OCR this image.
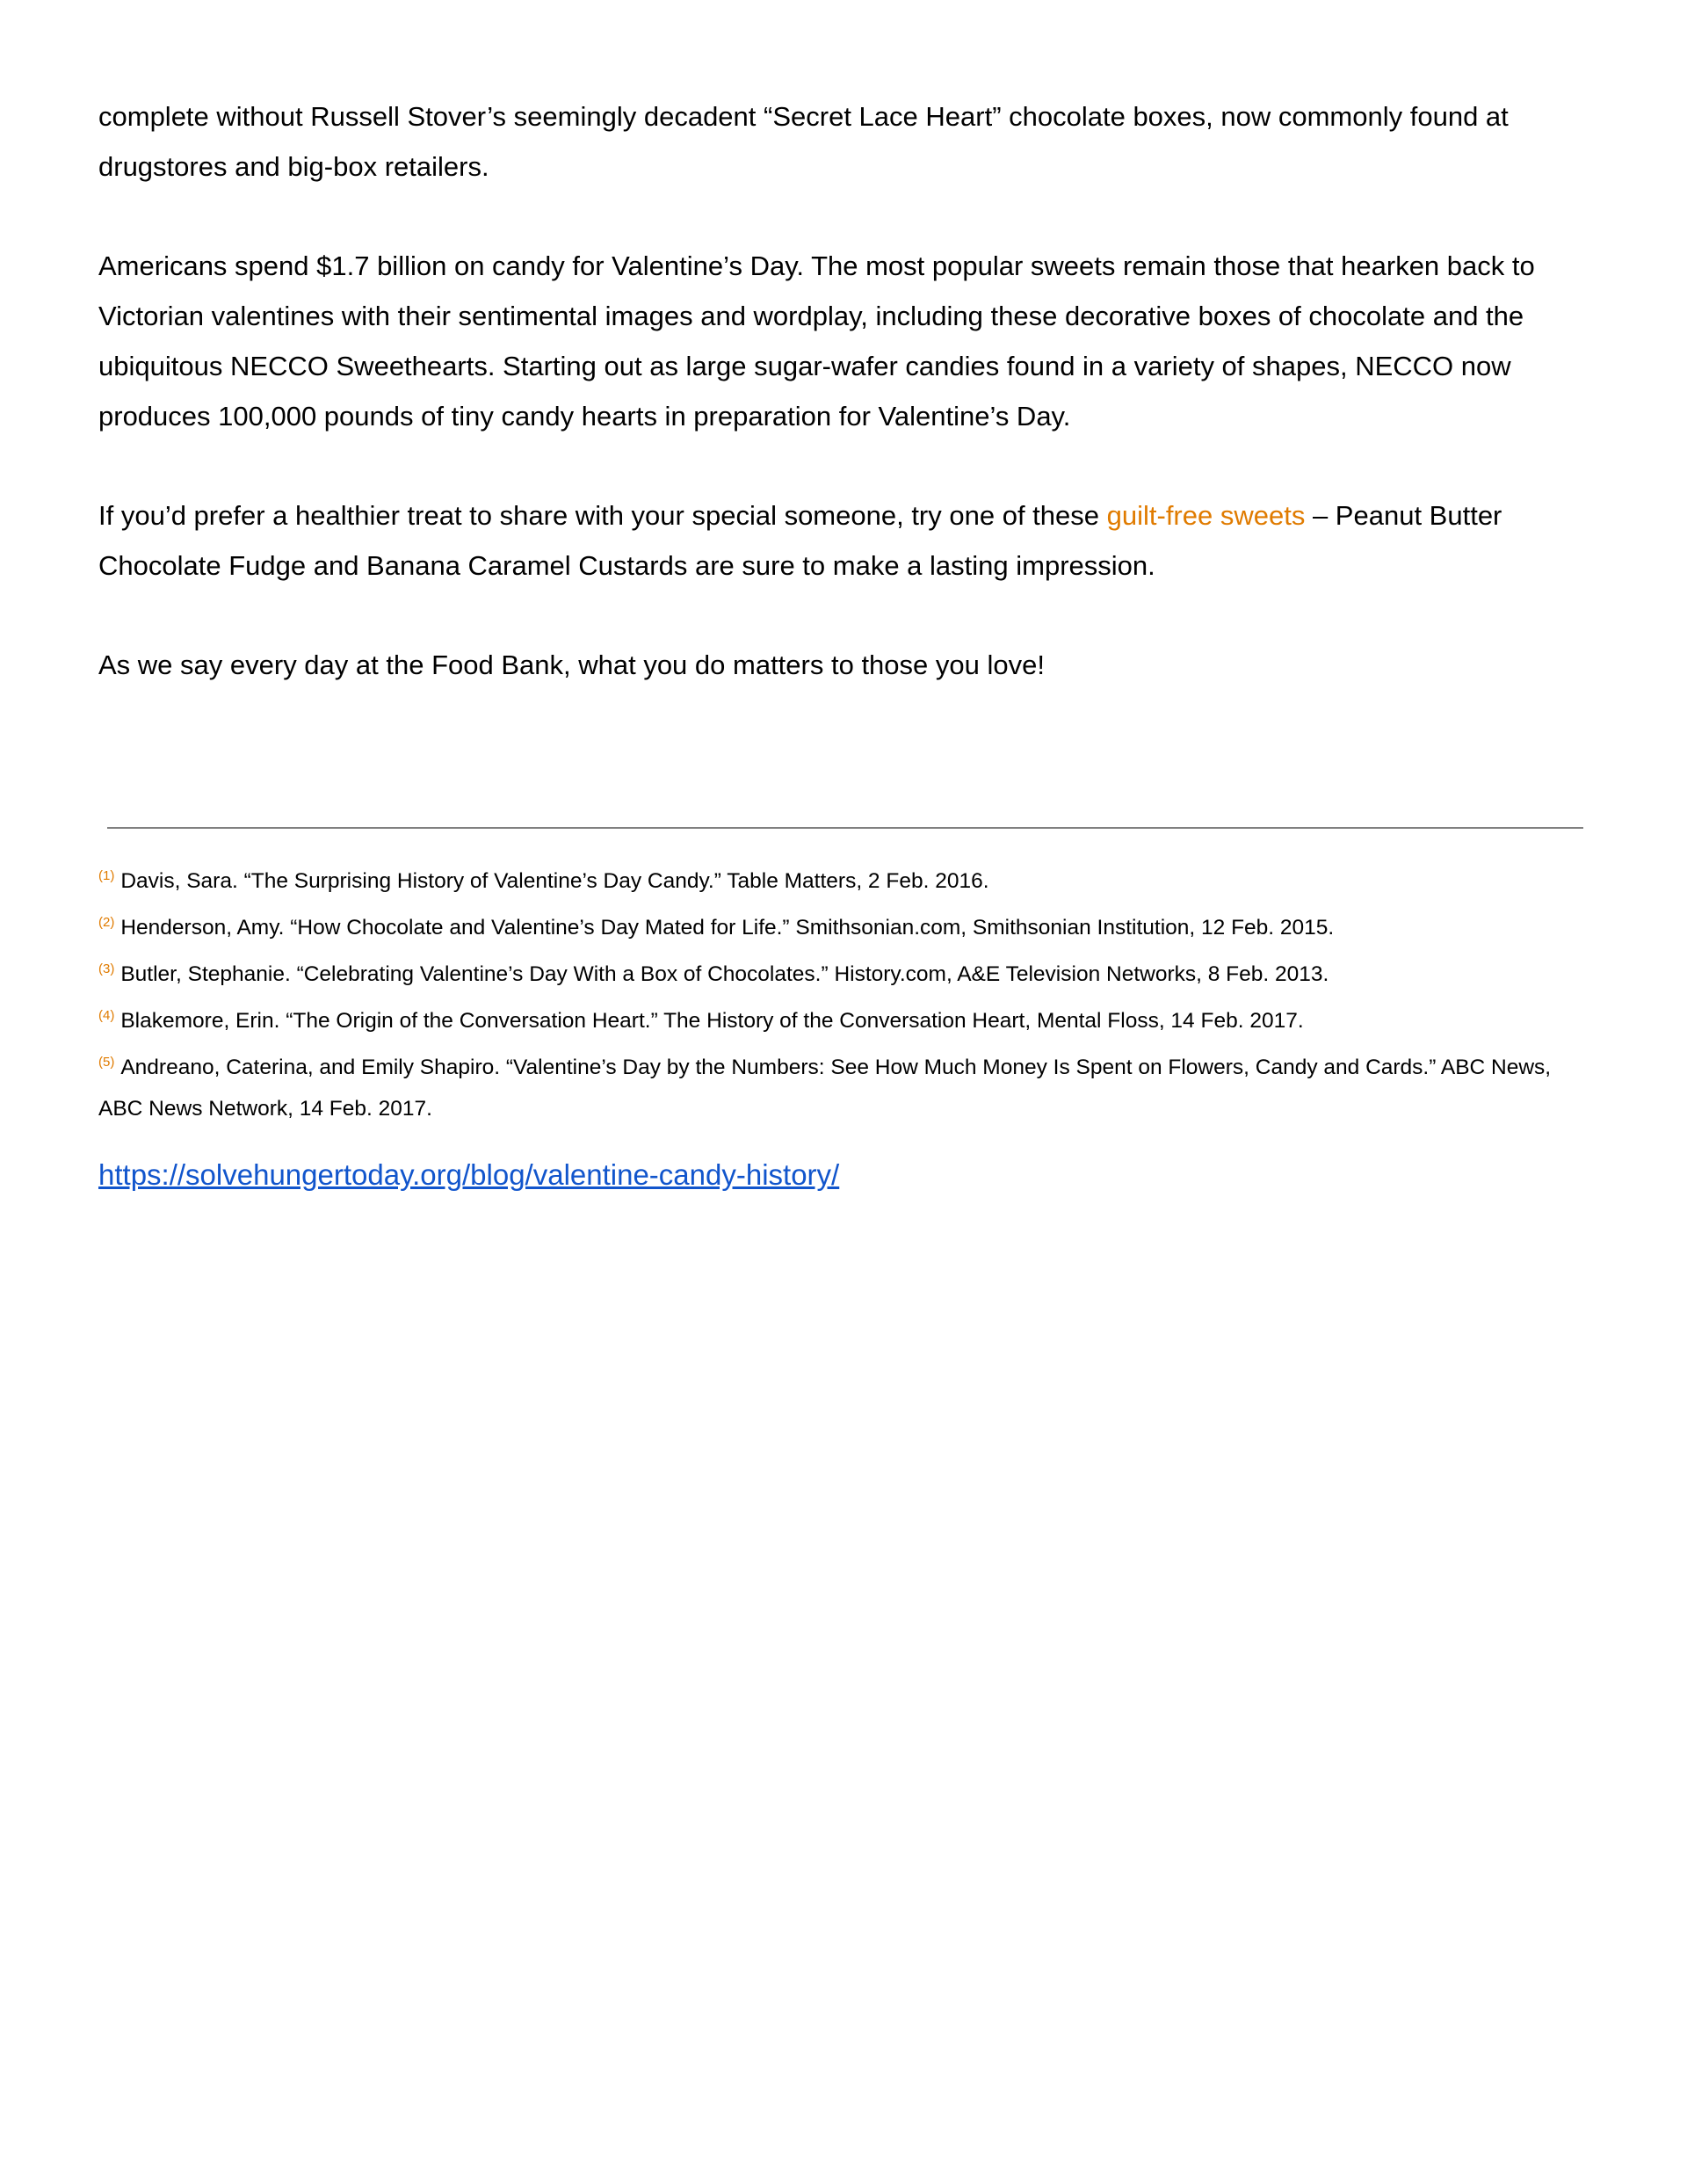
complete without Russell Stover’s seemingly decadent “Secret Lace Heart” chocolate boxes, now commonly found at drugstores and big-box retailers.

Americans spend $1.7 billion on candy for Valentine’s Day. The most popular sweets remain those that hearken back to Victorian valentines with their sentimental images and wordplay, including these decorative boxes of chocolate and the ubiquitous NECCO Sweethearts. Starting out as large sugar-wafer candies found in a variety of shapes, NECCO now produces 100,000 pounds of tiny candy hearts in preparation for Valentine’s Day.

If you’d prefer a healthier treat to share with your special someone, try one of these guilt-free sweets – Peanut Butter Chocolate Fudge and Banana Caramel Custards are sure to make a lasting impression.

As we say every day at the Food Bank, what you do matters to those you love!

$^{(1)}$ Davis, Sara. “The Surprising History of Valentine’s Day Candy.” Table Matters, 2 Feb. 2016.

$^{(2)}$ Henderson, Amy. “How Chocolate and Valentine’s Day Mated for Life.” Smithsonian.com, Smithsonian Institution, 12 Feb. 2015.

$^{(3)}$ Butler, Stephanie. “Celebrating Valentine’s Day With a Box of Chocolates.” History.com, A&E Television Networks, 8 Feb. 2013.

$^{(4)}$ Blakemore, Erin. “The Origin of the Conversation Heart.” The History of the Conversation Heart, Mental Floss, 14 Feb. 2017.

$^{(5)}$ Andreano, Caterina, and Emily Shapiro. “Valentine’s Day by the Numbers: See How Much Money Is Spent on Flowers, Candy and Cards.” ABC News, ABC News Network, 14 Feb. 2017.

https://solvehungertoday.org/blog/valentine-candy-history/
